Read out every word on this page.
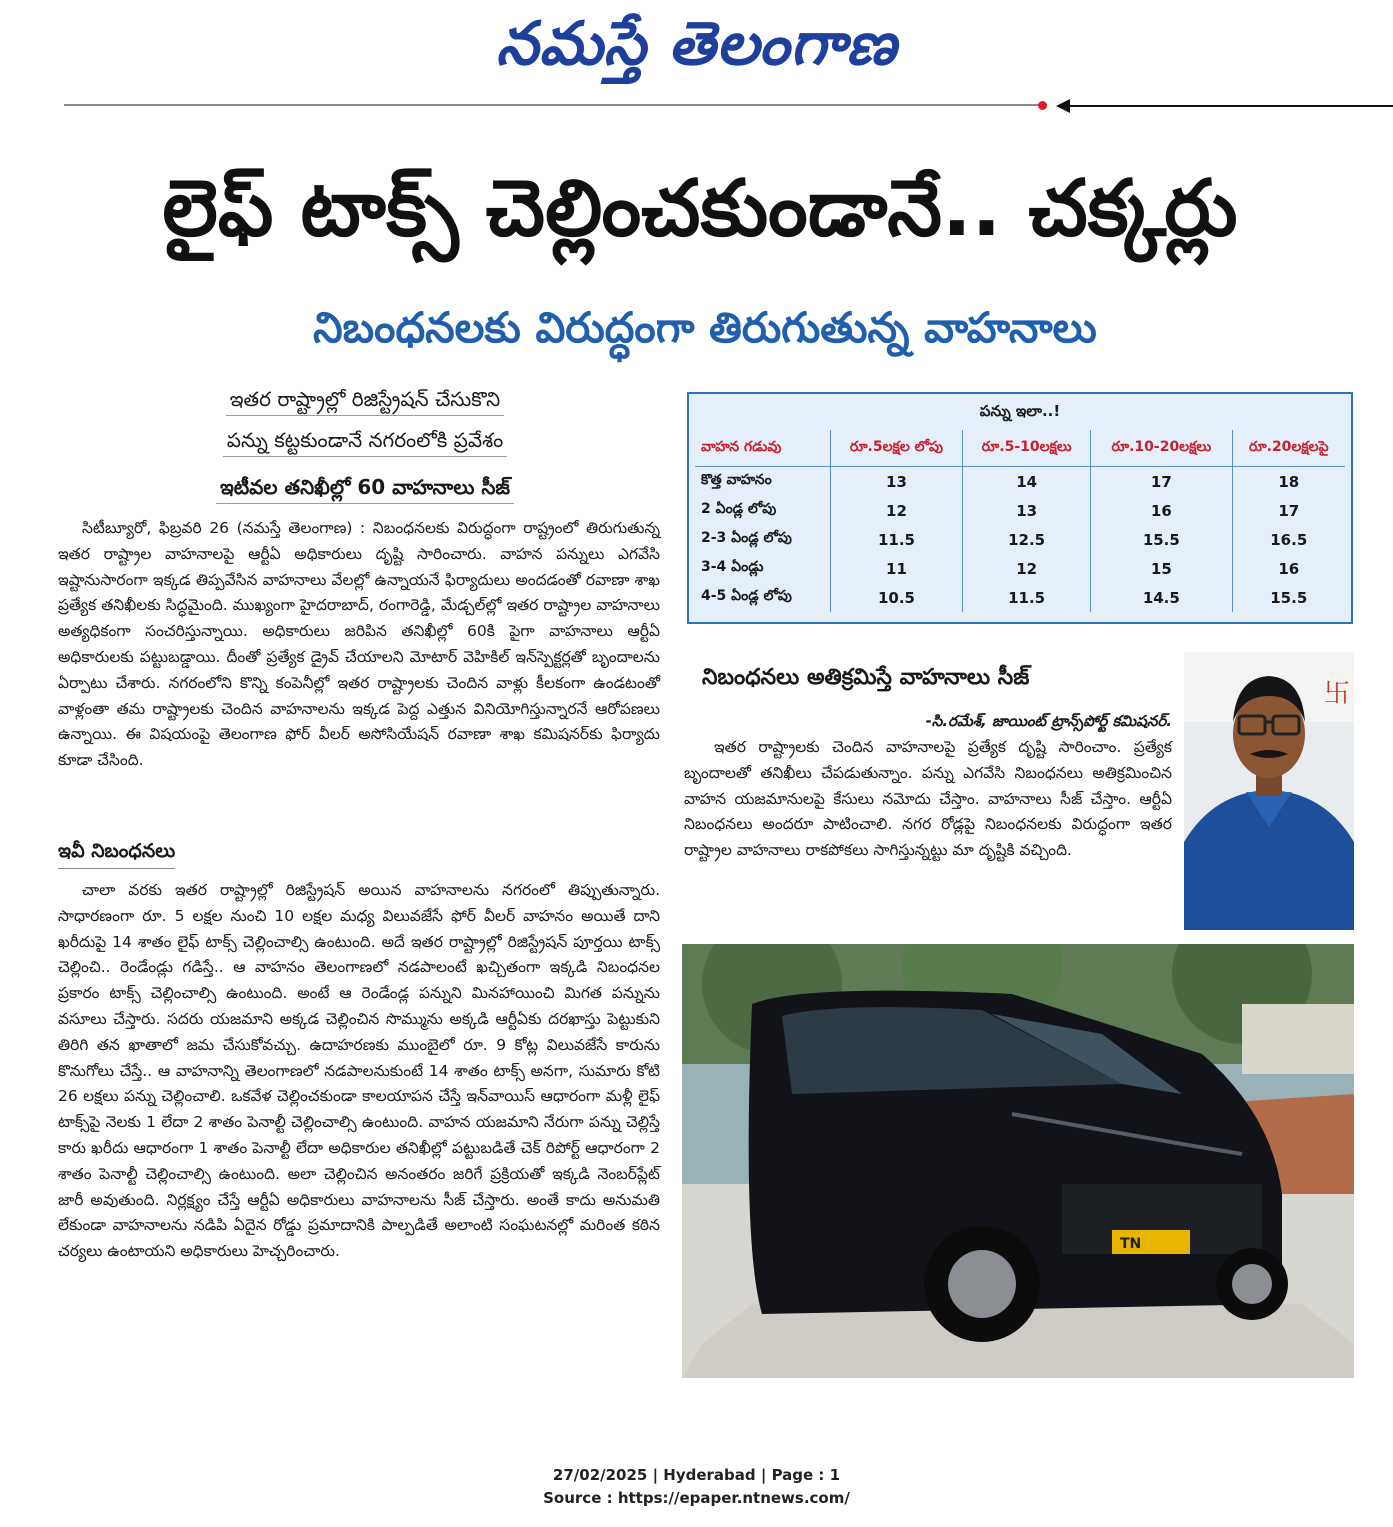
నమస్తే తెలంగాణ
లైఫ్ టాక్స్ చెల్లించకుండానే.. చక్కర్లు
నిబంధనలకు విరుద్ధంగా తిరుగుతున్న వాహనాలు
ఇతర రాష్ట్రాల్లో రిజిస్ట్రేషన్ చేసుకొని
పన్ను కట్టకుండానే నగరంలోకి ప్రవేశం
ఇటీవల తనిఖీల్లో 60 వాహనాలు సీజ్

సిటీబ్యూరో, ఫిబ్రవరి 26 (నమస్తే తెలంగాణ) : నిబంధనలకు విరుద్ధంగా రాష్ట్రంలో తిరుగుతున్న ఇతర రాష్ట్రాల వాహనాలపై ఆర్టీఏ అధికారులు దృష్టి సారించారు. వాహన పన్నులు ఎగవేసి ఇష్టానుసారంగా ఇక్కడ తిప్పవేసిన వాహనాలు వేలల్లో ఉన్నాయనే ఫిర్యాదులు అందడంతో రవాణా శాఖ ప్రత్యేక తనిఖీలకు సిద్ధమైంది. ముఖ్యంగా హైదరాబాద్, రంగారెడ్డి, మేడ్చల్‌ల్లో ఇతర రాష్ట్రాల వాహనాలు అత్యధికంగా సంచరిస్తున్నాయి. అధికారులు జరిపిన తనిఖీల్లో 60కి పైగా వాహనాలు ఆర్టీఏ అధికారులకు పట్టుబడ్డాయి. దీంతో ప్రత్యేక డ్రైవ్ చేయాలని మోటార్ వెహికిల్ ఇన్‌స్పెక్టర్లతో బృందాలను ఏర్పాటు చేశారు. నగరంలోని కొన్ని కంపెనీల్లో ఇతర రాష్ట్రాలకు చెందిన వాళ్లు కీలకంగా ఉండటంతో వాళ్లంతా తమ రాష్ట్రాలకు చెందిన వాహనాలను ఇక్కడ పెద్ద ఎత్తున వినియోగిస్తున్నారనే ఆరోపణలు ఉన్నాయి. ఈ విషయంపై తెలంగాణ ఫోర్ వీలర్ అసోసియేషన్ రవాణా శాఖ కమిషనర్‌కు ఫిర్యాదు కూడా చేసింది.

ఇవీ నిబంధనలు

చాలా వరకు ఇతర రాష్ట్రాల్లో రిజిస్ట్రేషన్ అయిన వాహనాలను నగరంలో తిప్పుతున్నారు. సాధారణంగా రూ. 5 లక్షల నుంచి 10 లక్షల మధ్య విలువజేసే ఫోర్ వీలర్ వాహనం అయితే దాని ఖరీదుపై 14 శాతం లైఫ్ టాక్స్ చెల్లించాల్సి ఉంటుంది. అదే ఇతర రాష్ట్రాల్లో రిజిస్ట్రేషన్ పూర్తయి టాక్స్ చెల్లించి.. రెండేండ్లు గడిస్తే.. ఆ వాహనం తెలంగాణలో నడపాలంటే ఖచ్చితంగా ఇక్కడి నిబంధనల ప్రకారం టాక్స్ చెల్లించాల్సి ఉంటుంది. అంటే ఆ రెండేండ్ల పన్నుని మినహాయించి మిగత పన్నును వసూలు చేస్తారు. సదరు యజమాని అక్కడ చెల్లించిన సొమ్మును అక్కడి ఆర్టీఏకు దరఖాస్తు పెట్టుకుని తిరిగి తన ఖాతాలో జమ చేసుకోవచ్చు. ఉదాహరణకు ముంబైలో రూ. 9 కోట్ల విలువజేసే కారును కొనుగోలు చేస్తే.. ఆ వాహనాన్ని తెలంగాణలో నడపాలనుకుంటే 14 శాతం టాక్స్ అనగా, సుమారు కోటి 26 లక్షలు పన్ను చెల్లించాలి. ఒకవేళ చెల్లించకుండా కాలయాపన చేస్తే ఇన్‌వాయిస్ ఆధారంగా మళ్లీ లైఫ్ టాక్స్‌పై నెలకు 1 లేదా 2 శాతం పెనాల్టీ చెల్లించాల్సి ఉంటుంది. వాహన యజమాని నేరుగా పన్ను చెల్లిస్తే కారు ఖరీదు ఆధారంగా 1 శాతం పెనాల్టీ లేదా అధికారుల తనిఖీల్లో పట్టుబడితే చెక్ రిపోర్ట్ ఆధారంగా 2 శాతం పెనాల్టీ చెల్లించాల్సి ఉంటుంది. అలా చెల్లించిన అనంతరం జరిగే ప్రక్రియతో ఇక్కడి నెంబర్‌ప్లేట్ జారీ అవుతుంది. నిర్లక్ష్యం చేస్తే ఆర్టీఏ అధికారులు వాహనాలను సీజ్ చేస్తారు. అంతే కాదు అనుమతి లేకుండా వాహనాలను నడిపి ఏదైన రోడ్డు ప్రమాదానికి పాల్పడితే అలాంటి సంఘటనల్లో మరింత కఠిన చర్యలు ఉంటాయని అధికారులు హెచ్చరించారు.

పన్ను ఇలా..!
వాహన గడువు	రూ.5లక్షల లోపు	రూ.5-10లక్షలు	రూ.10-20లక్షలు	రూ.20లక్షలపై
కొత్త వాహనం	13	14	17	18
2 ఏండ్ల లోపు	12	13	16	17
2-3 ఏండ్ల లోపు	11.5	12.5	15.5	16.5
3-4 ఏండ్లు	11	12	15	16
4-5 ఏండ్ల లోపు	10.5	11.5	14.5	15.5
నిబంధనలు అతిక్రమిస్తే వాహనాలు సీజ్
-సి.రమేశ్, జాయింట్ ట్రాన్స్‌పోర్ట్ కమిషనర్.

ఇతర రాష్ట్రాలకు చెందిన వాహనాలపై ప్రత్యేక దృష్టి సారించాం. ప్రత్యేక బృందాలతో తనిఖీలు చేపడుతున్నాం. పన్ను ఎగవేసి నిబంధనలు అతిక్రమించిన వాహన యజమానులపై కేసులు నమోదు చేస్తాం. వాహనాలు సీజ్ చేస్తాం. ఆర్టీఏ నిబంధనలు అందరూ పాటించాలి. నగర రోడ్లపై నిబంధనలకు విరుద్ధంగా ఇతర రాష్ట్రాల వాహనాలు రాకపోకలు సాగిస్తున్నట్టు మా దృష్టికి వచ్చింది.

卐
TN
27/02/2025 | Hyderabad | Page : 1
Source : https://epaper.ntnews.com/
